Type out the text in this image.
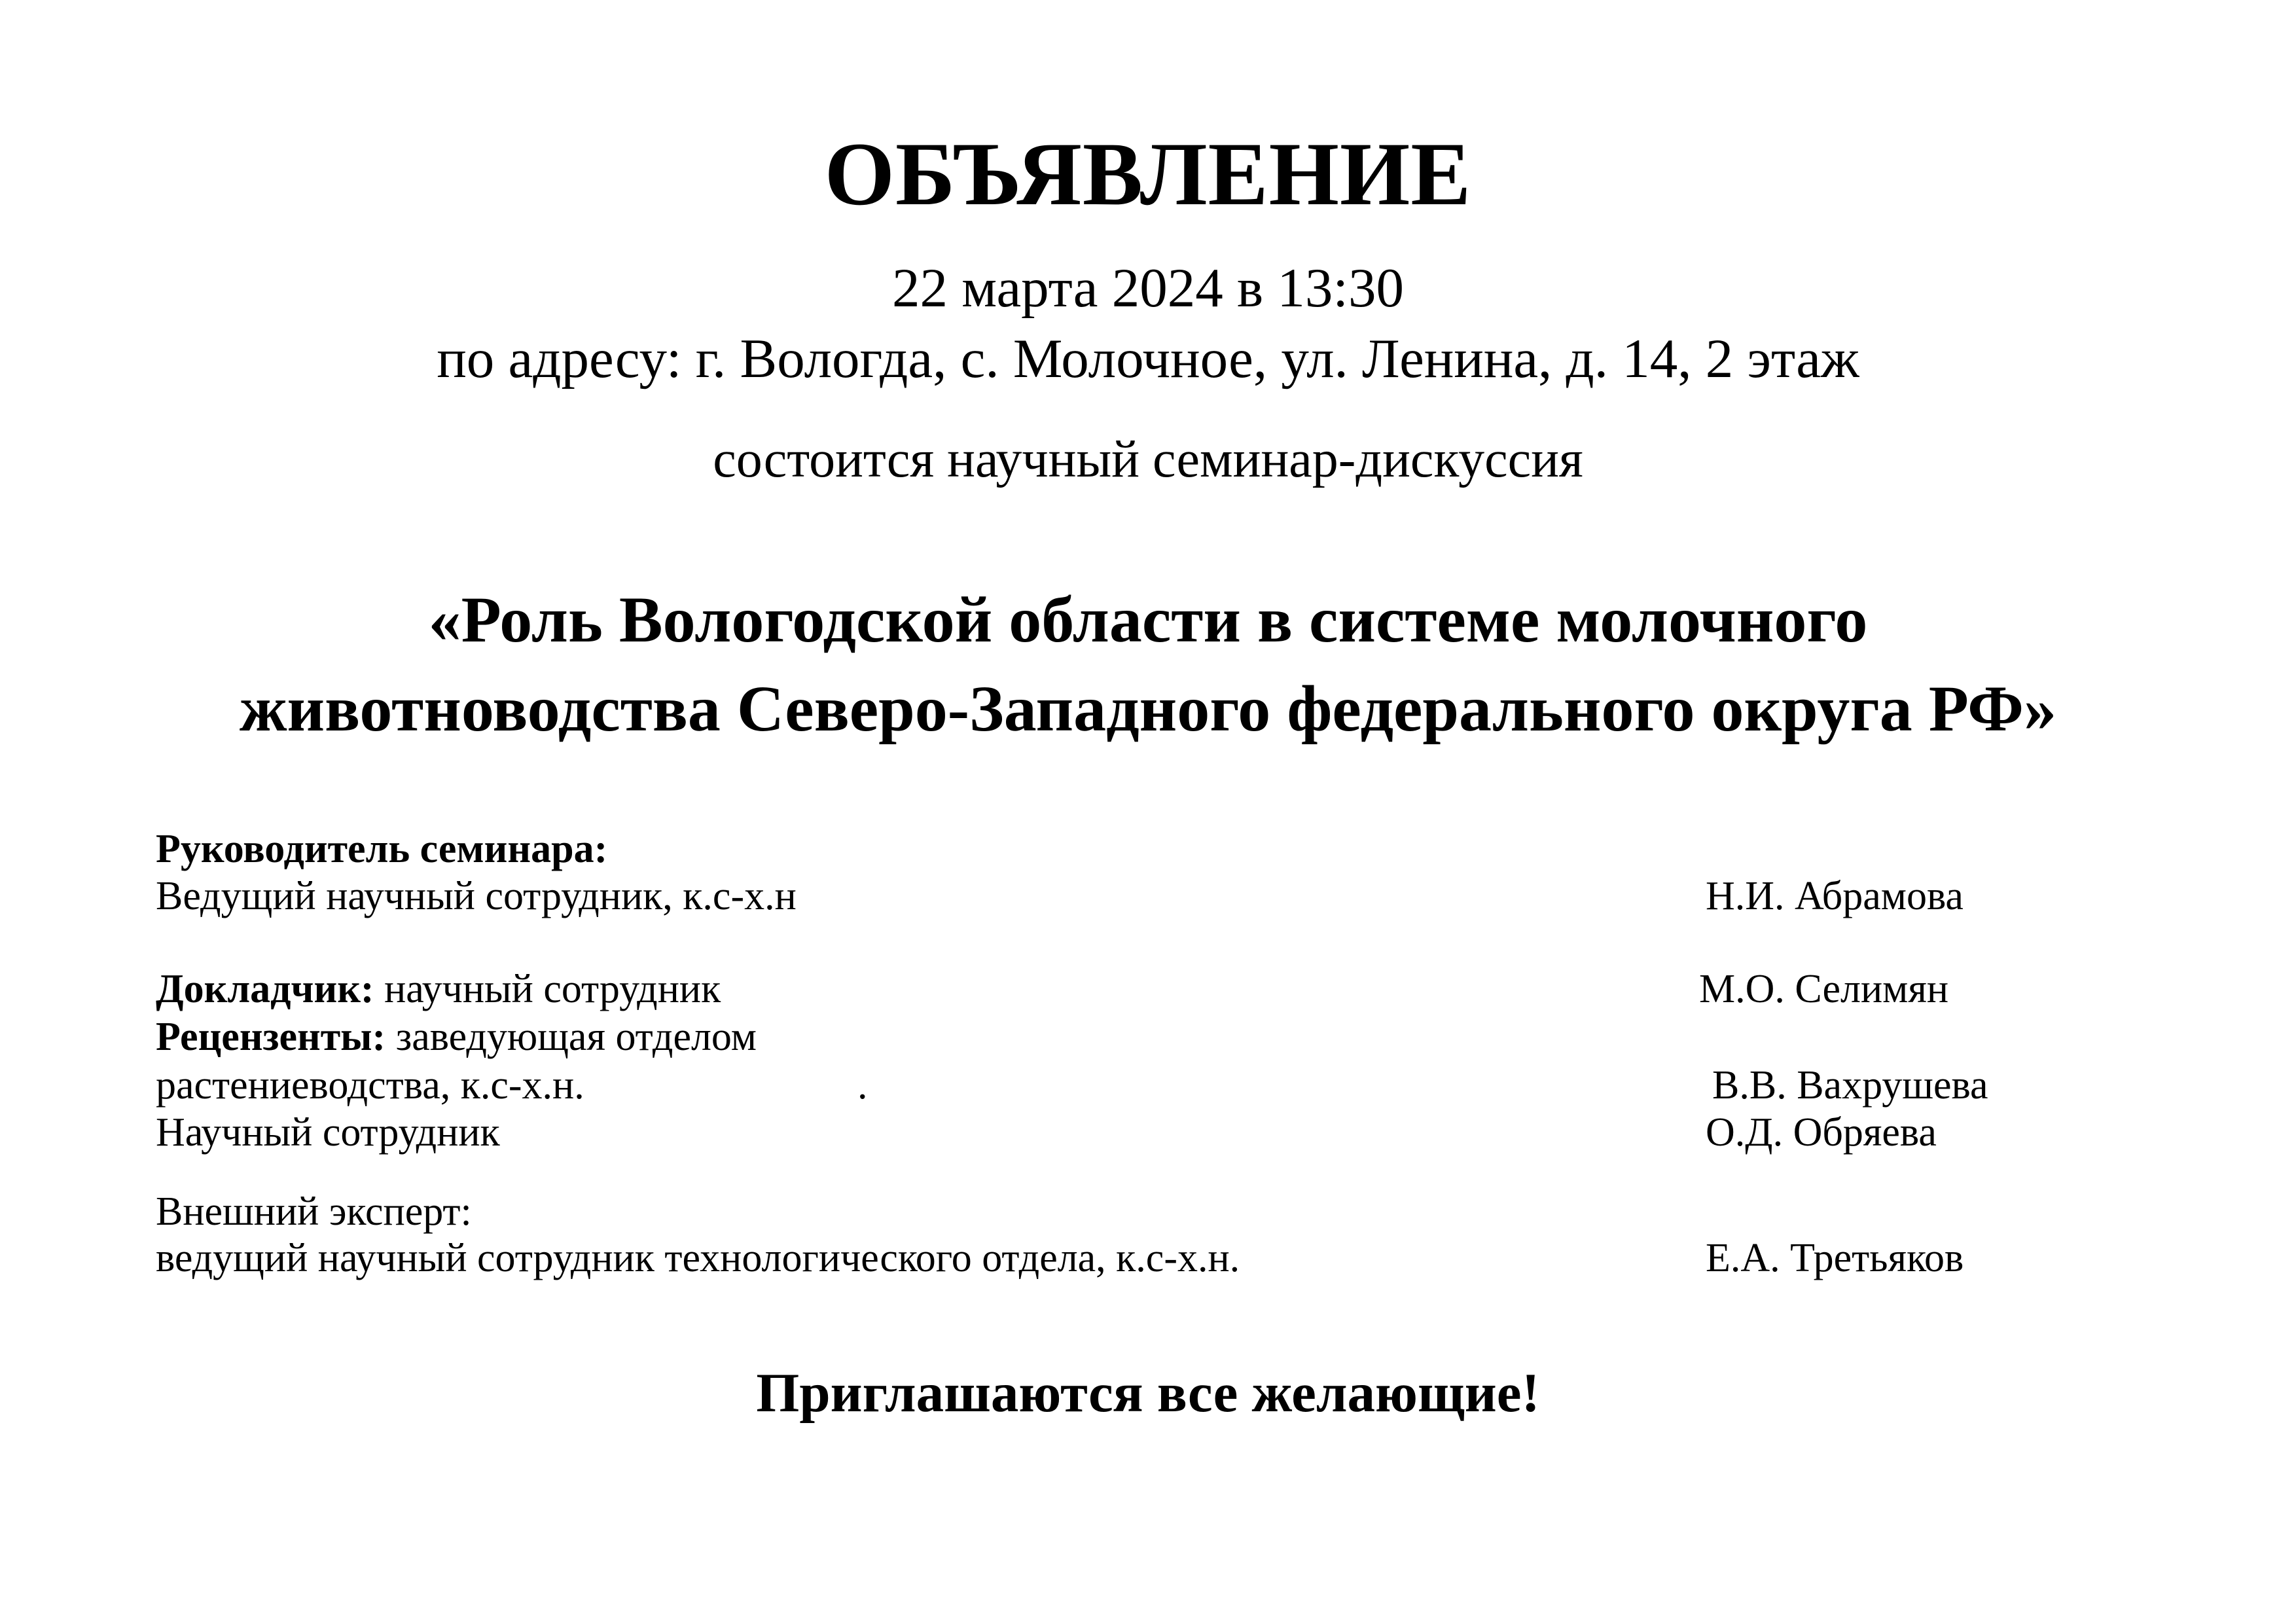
ОБЪЯВЛЕНИЕ
22 марта 2024 в 13:30
по адресу: г. Вологда, с. Молочное, ул. Ленина, д. 14, 2 этаж
состоится научный семинар-дискуссия
«Роль Вологодской области в системе молочного
животноводства Северо-Западного федерального округа РФ»
Руководитель семинара:
Ведущий научный сотрудник, к.с-х.н	Н.И. Абрамова
Докладчик: научный сотрудник	М.О. Селимян
Рецензенты: заведующая отделом
растениеводства, к.с-х.н.	.	В.В. Вахрушева
Научный сотрудник	О.Д. Обряева
Внешний эксперт:
ведущий научный сотрудник технологического отдела, к.с-х.н.	Е.А. Третьяков
Приглашаются все желающие!
